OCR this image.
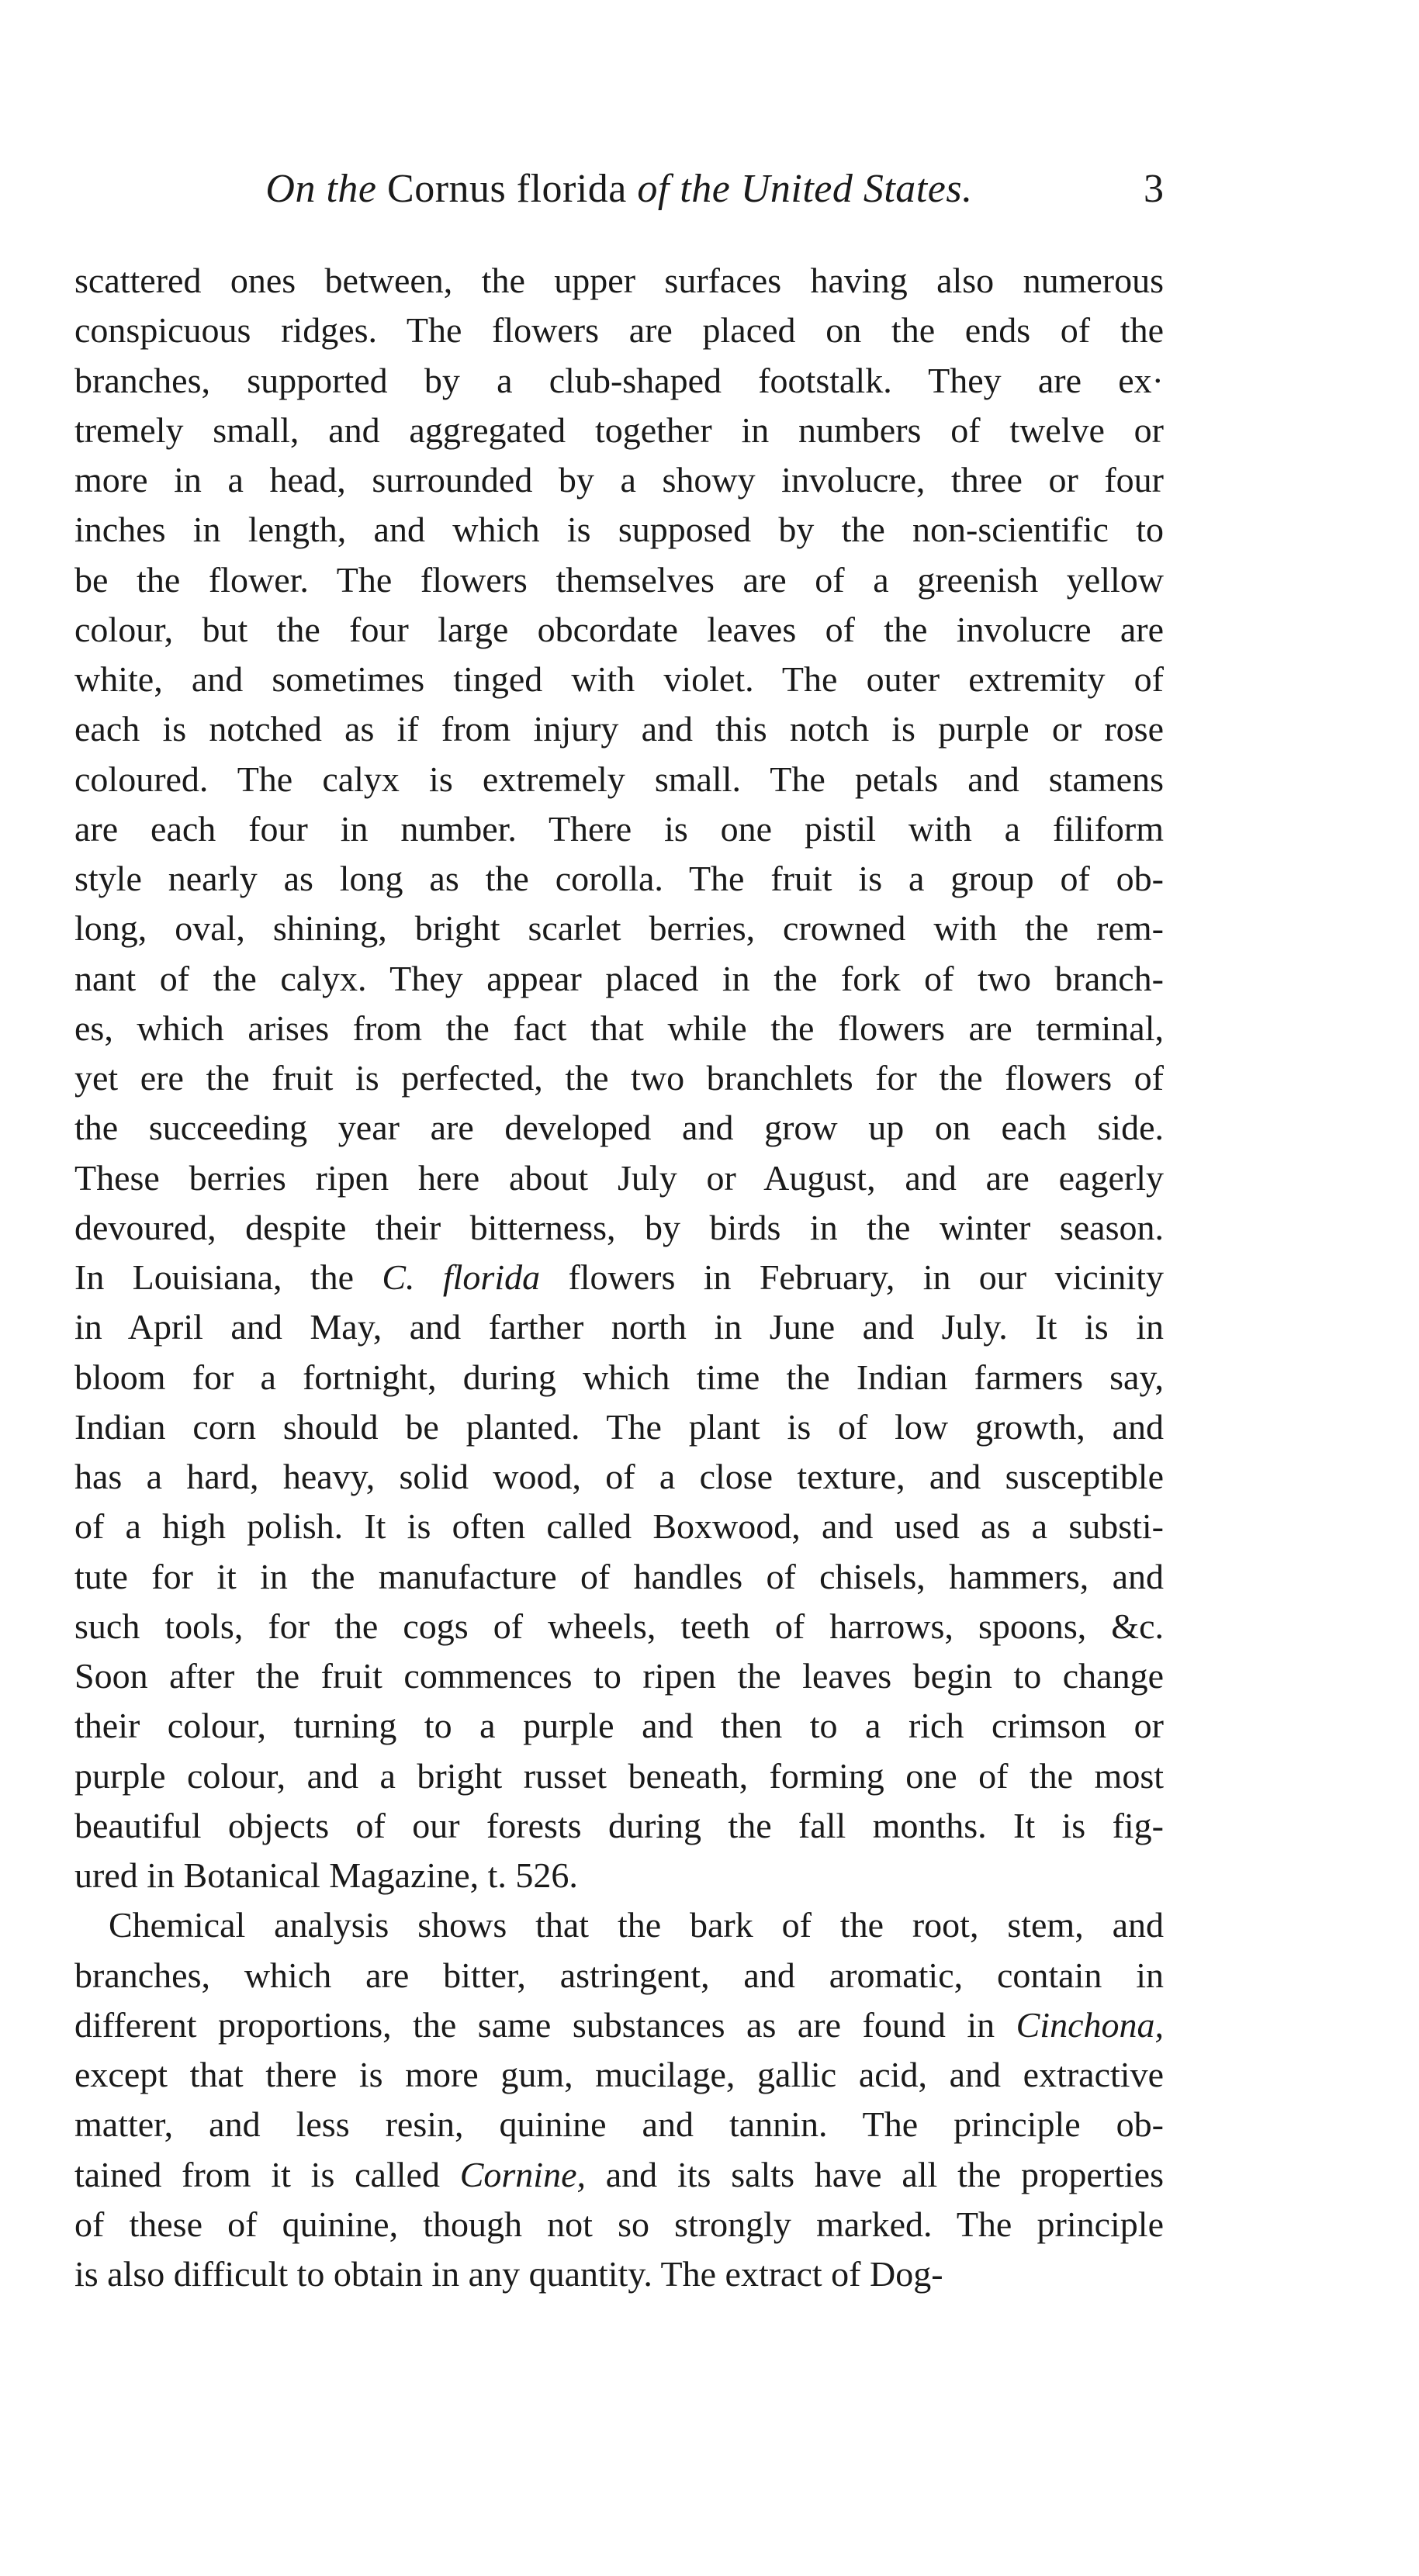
On the Cornus florida of the United States.	3
scattered ones between, the upper surfaces having also numerous
conspicuous ridges. The flowers are placed on the ends of the
branches, supported by a club-shaped footstalk. They are ex·
tremely small, and aggregated together in numbers of twelve or
more in a head, surrounded by a showy involucre, three or four
inches in length, and which is supposed by the non-scientific to
be the flower. The flowers themselves are of a greenish yellow
colour, but the four large obcordate leaves of the involucre are
white, and sometimes tinged with violet. The outer extremity of
each is notched as if from injury and this notch is purple or rose
coloured. The calyx is extremely small. The petals and stamens
are each four in number. There is one pistil with a filiform
style nearly as long as the corolla. The fruit is a group of ob-
long, oval, shining, bright scarlet berries, crowned with the rem-
nant of the calyx. They appear placed in the fork of two branch-
es, which arises from the fact that while the flowers are terminal,
yet ere the fruit is perfected, the two branchlets for the flowers of
the succeeding year are developed and grow up on each side.
These berries ripen here about July or August, and are eagerly
devoured, despite their bitterness, by birds in the winter season.
In Louisiana, the C. florida flowers in February, in our vicinity
in April and May, and farther north in June and July. It is in
bloom for a fortnight, during which time the Indian farmers say,
Indian corn should be planted. The plant is of low growth, and
has a hard, heavy, solid wood, of a close texture, and susceptible
of a high polish. It is often called Boxwood, and used as a substi-
tute for it in the manufacture of handles of chisels, hammers, and
such tools, for the cogs of wheels, teeth of harrows, spoons, &c.
Soon after the fruit commences to ripen the leaves begin to change
their colour, turning to a purple and then to a rich crimson or
purple colour, and a bright russet beneath, forming one of the most
beautiful objects of our forests during the fall months. It is fig-
ured in Botanical Magazine, t. 526.
Chemical analysis shows that the bark of the root, stem, and
branches, which are bitter, astringent, and aromatic, contain in
different proportions, the same substances as are found in Cinchona,
except that there is more gum, mucilage, gallic acid, and extractive
matter, and less resin, quinine and tannin. The principle ob-
tained from it is called Cornine, and its salts have all the properties
of these of quinine, though not so strongly marked. The principle
is also difficult to obtain in any quantity. The extract of Dog-
